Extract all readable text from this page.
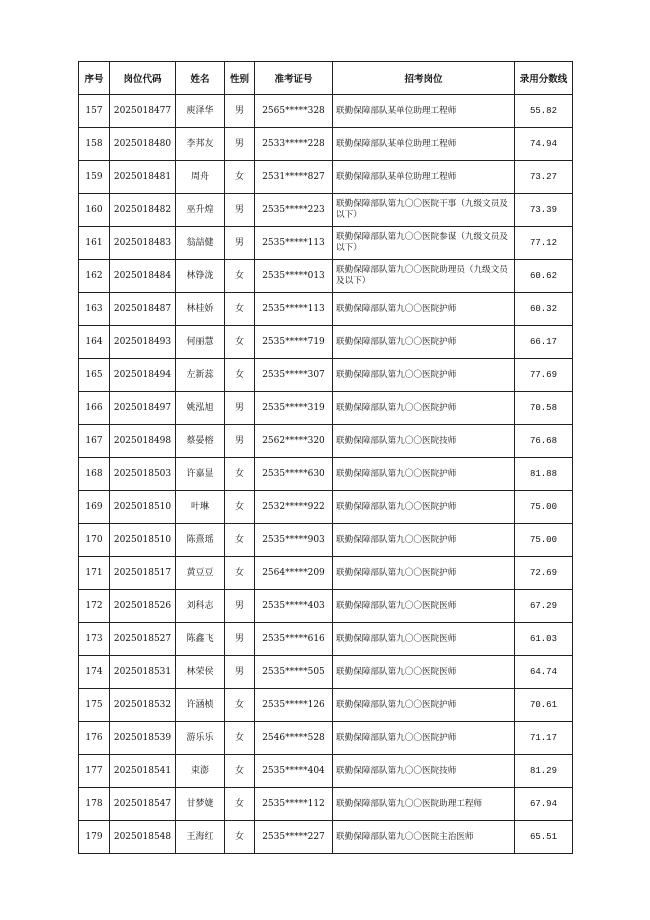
序号	岗位代码	姓名	性别	准考证号	招考岗位	录用分数线
157	2025018477	庾泽华	男	2565*****328	联勤保障部队某单位助理工程师	55.82
158	2025018480	李邦友	男	2533*****228	联勤保障部队某单位助理工程师	74.94
159	2025018481	周舟	女	2531*****827	联勤保障部队某单位助理工程师	73.27
160	2025018482	巫升煌	男	2535*****223	联勤保障部队第九〇〇医院干事（九级文员及以下）	73.39
161	2025018483	翁喆健	男	2535*****113	联勤保障部队第九〇〇医院参谋（九级文员及以下）	77.12
162	2025018484	林铮泷	女	2535*****013	联勤保障部队第九〇〇医院助理员（九级文员及以下）	60.62
163	2025018487	林桂娇	女	2535*****113	联勤保障部队第九〇〇医院护师	60.32
164	2025018493	何丽慧	女	2535*****719	联勤保障部队第九〇〇医院护师	66.17
165	2025018494	左新蕊	女	2535*****307	联勤保障部队第九〇〇医院护师	77.69
166	2025018497	姚泓旭	男	2535*****319	联勤保障部队第九〇〇医院护师	70.58
167	2025018498	蔡晏榕	男	2562*****320	联勤保障部队第九〇〇医院技师	76.68
168	2025018503	许嘉显	女	2535*****630	联勤保障部队第九〇〇医院护师	81.88
169	2025018510	叶琳	女	2532*****922	联勤保障部队第九〇〇医院护师	75.00
170	2025018510	陈熹瑶	女	2535*****903	联勤保障部队第九〇〇医院护师	75.00
171	2025018517	黄豆豆	女	2564*****209	联勤保障部队第九〇〇医院护师	72.69
172	2025018526	刘科志	男	2535*****403	联勤保障部队第九〇〇医院医师	67.29
173	2025018527	陈鑫飞	男	2535*****616	联勤保障部队第九〇〇医院医师	61.03
174	2025018531	林荣侯	男	2535*****505	联勤保障部队第九〇〇医院医师	64.74
175	2025018532	许涵桢	女	2535*****126	联勤保障部队第九〇〇医院护师	70.61
176	2025018539	游乐乐	女	2546*****528	联勤保障部队第九〇〇医院护师	71.17
177	2025018541	束澎	女	2535*****404	联勤保障部队第九〇〇医院技师	81.29
178	2025018547	甘梦婕	女	2535*****112	联勤保障部队第九〇〇医院助理工程师	67.94
179	2025018548	王海红	女	2535*****227	联勤保障部队第九〇〇医院主治医师	65.51
